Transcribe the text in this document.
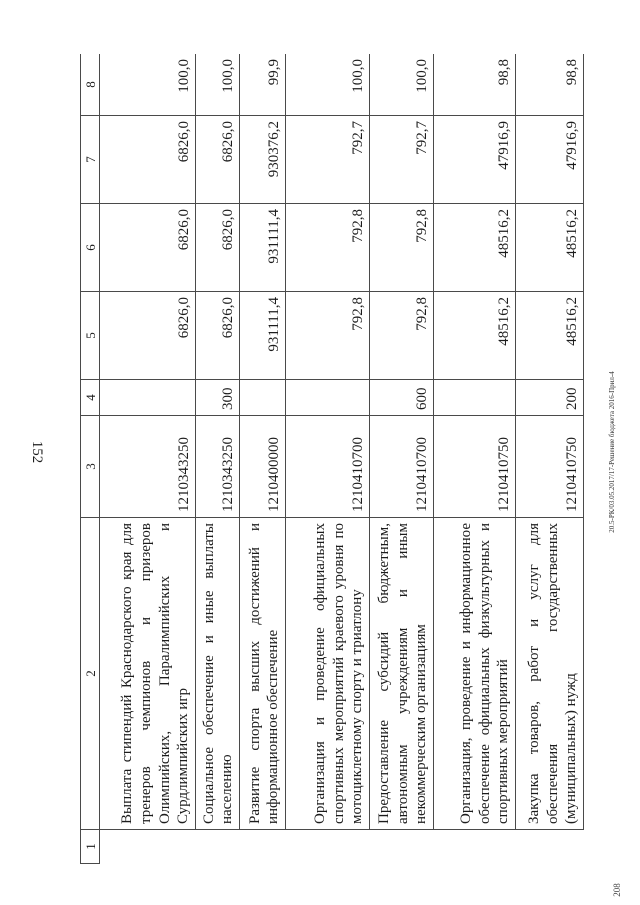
152	20.5-РК/03.05.2017/17-Решение бюджета 2016-Прил-4
208
1	2	3	4	5	6	7	8
	Выплата стипендий Краснодарского края для тренеров чемпионов и призеров Олимпийских, Паралимпийских и Сурдлимпийских игр	1210343250		6826,0	6826,0	6826,0	100,0
	Социальное обеспечение и иные выплаты населению	1210343250	300	6826,0	6826,0	6826,0	100,0
	Развитие спорта высших достижений и информационное обеспечение	1210400000		931111,4	931111,4	930376,2	99,9
	Организация и проведение официальных спортивных мероприятий краевого уровня по мотоциклетному спорту и триатлону	1210410700		792,8	792,8	792,7	100,0
	Предоставление субсидий бюджетным, автономным учреждениям и иным некоммерческим организациям	1210410700	600	792,8	792,8	792,7	100,0
	Организация, проведение и информационное обеспечение официальных физкультурных и спортивных мероприятий	1210410750		48516,2	48516,2	47916,9	98,8
	Закупка товаров, работ и услуг для обеспечения государственных (муниципальных) нужд	1210410750	200	48516,2	48516,2	47916,9	98,8
